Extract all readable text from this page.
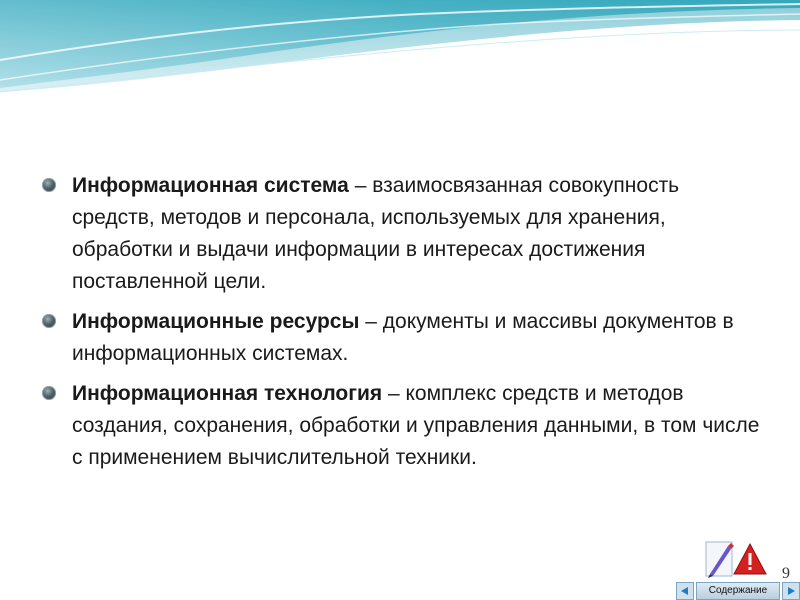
Информационная система – взаимосвязанная совокупность средств, методов и персонала, используемых для хранения, обработки и выдачи информации в интересах достижения поставленной цели.
Информационные ресурсы – документы и массивы документов в информационных системах.
Информационная технология – комплекс средств и методов создания, сохранения, обработки и управления данными, в том числе с применением вычислительной техники.
9
Содержание
